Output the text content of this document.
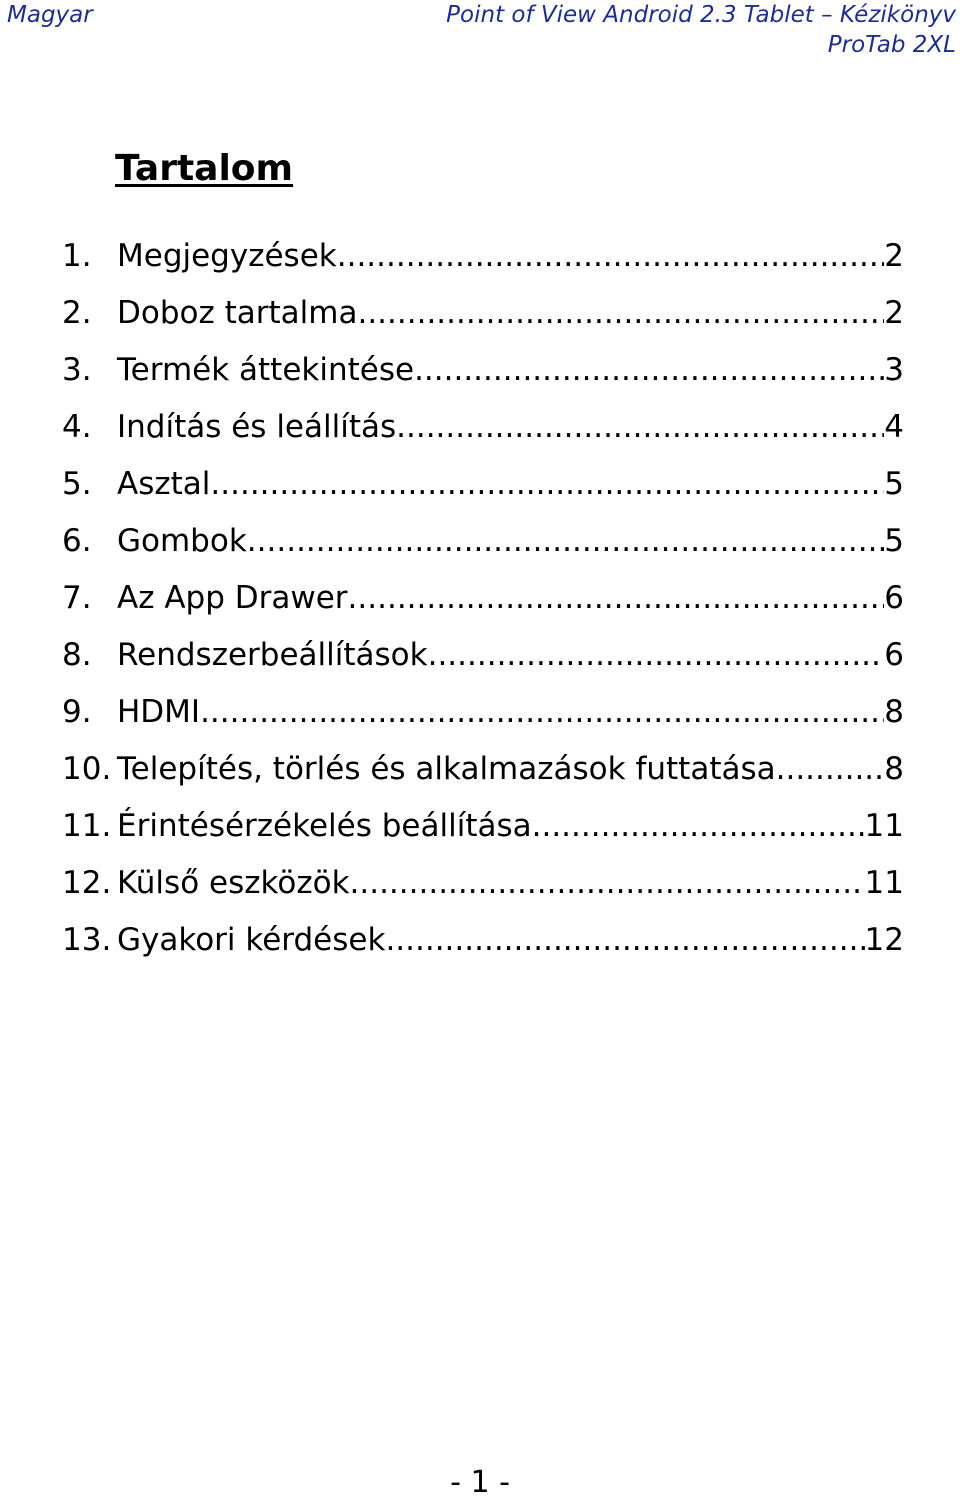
Magyar	Point of View Android 2.3 Tablet – Kézikönyv
ProTab 2XL
Tartalom
1. Megjegyzések .....	2
2. Doboz tartalma .....	2
3. Termék áttekintése .....	3
4. Indítás és leállítás .....	4
5. Asztal .....	5
6. Gombok .....	5
7. Az App Drawer .....	6
8. Rendszerbeállítások .....	6
9. HDMI .....	8
10. Telepítés, törlés és alkalmazások futtatása .....	8
11. Érintésérzékelés beállítása .....	11
12. Külső eszközök .....	11
13. Gyakori kérdések .....	12
- 1 -
